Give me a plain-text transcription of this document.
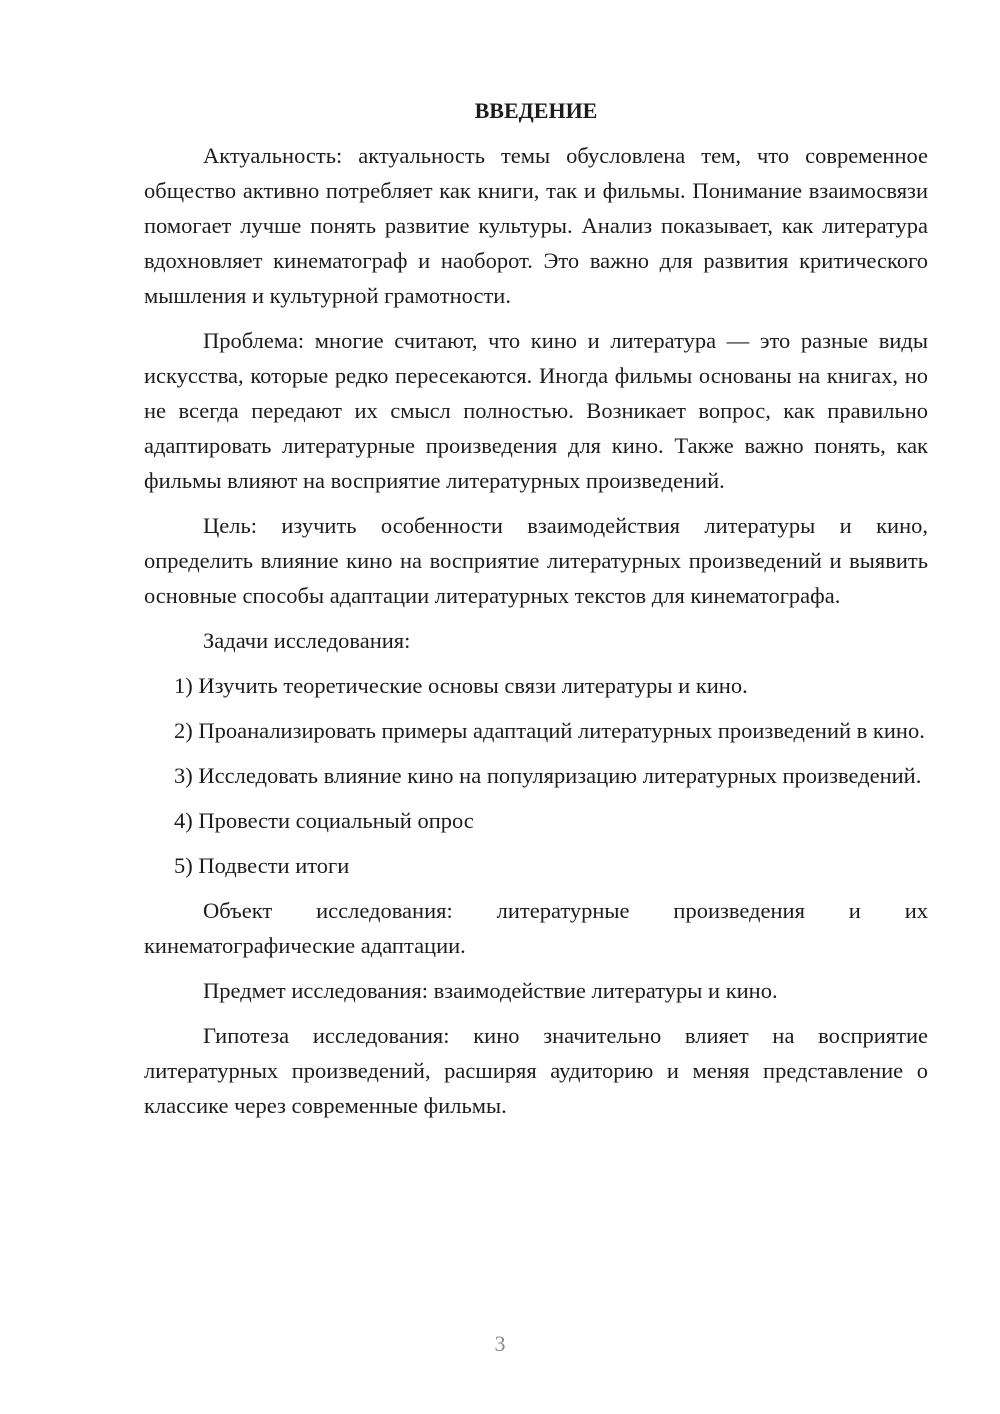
ВВЕДЕНИЕ

Актуальность: актуальность темы обусловлена тем, что современное общество активно потребляет как книги, так и фильмы. Понимание взаимосвязи помогает лучше понять развитие культуры. Анализ показывает, как литература вдохновляет кинематограф и наоборот. Это важно для развития критического мышления и культурной грамотности.

Проблема: многие считают, что кино и литература — это разные виды искусства, которые редко пересекаются. Иногда фильмы основаны на книгах, но не всегда передают их смысл полностью. Возникает вопрос, как правильно адаптировать литературные произведения для кино. Также важно понять, как фильмы влияют на восприятие литературных произведений.

Цель: изучить особенности взаимодействия литературы и кино, определить влияние кино на восприятие литературных произведений и выявить основные способы адаптации литературных текстов для кинематографа.

Задачи исследования:

1) Изучить теоретические основы связи литературы и кино.

2) Проанализировать примеры адаптаций литературных произведений в кино.

3) Исследовать влияние кино на популяризацию литературных произведений.

4) Провести социальный опрос

5) Подвести итоги

Объект исследования: литературные произведения и их кинематографические адаптации.

Предмет исследования: взаимодействие литературы и кино.

Гипотеза исследования: кино значительно влияет на восприятие литературных произведений, расширяя аудиторию и меняя представление о классике через современные фильмы.

3
